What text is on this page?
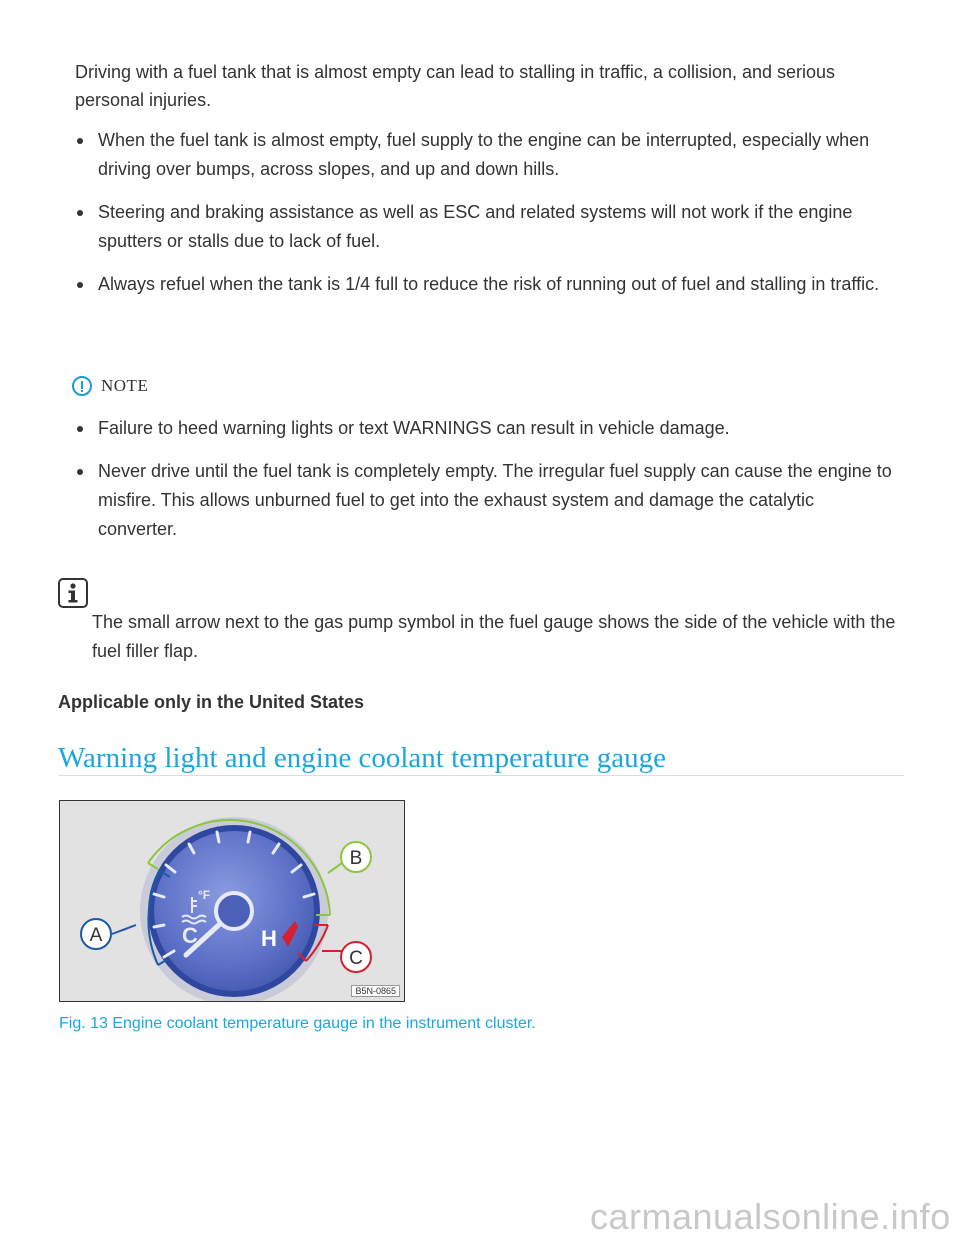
Driving with a fuel tank that is almost empty can lead to stalling in traffic, a collision, and serious personal injuries.

When the fuel tank is almost empty, fuel supply to the engine can be interrupted, especially when driving over bumps, across slopes, and up and down hills.
Steering and braking assistance as well as ESC and related systems will not work if the engine sputters or stalls due to lack of fuel.
Always refuel when the tank is 1/4 full to reduce the risk of running out of fuel and stalling in traffic.
NOTE
Failure to heed warning lights or text WARNINGS can result in vehicle damage.
Never drive until the fuel tank is completely empty. The irregular fuel supply can cause the engine to misfire. This allows unburned fuel to get into the exhaust system and damage the catalytic converter.

The small arrow next to the gas pump symbol in the fuel gauge shows the side of the vehicle with the fuel filler flap.

Applicable only in the United States

Warning light and engine coolant temperature gauge
°F
C	H
A
B
C
B5N-0865

Fig. 13 Engine coolant temperature gauge in the instrument cluster.

carmanualsonline.info
